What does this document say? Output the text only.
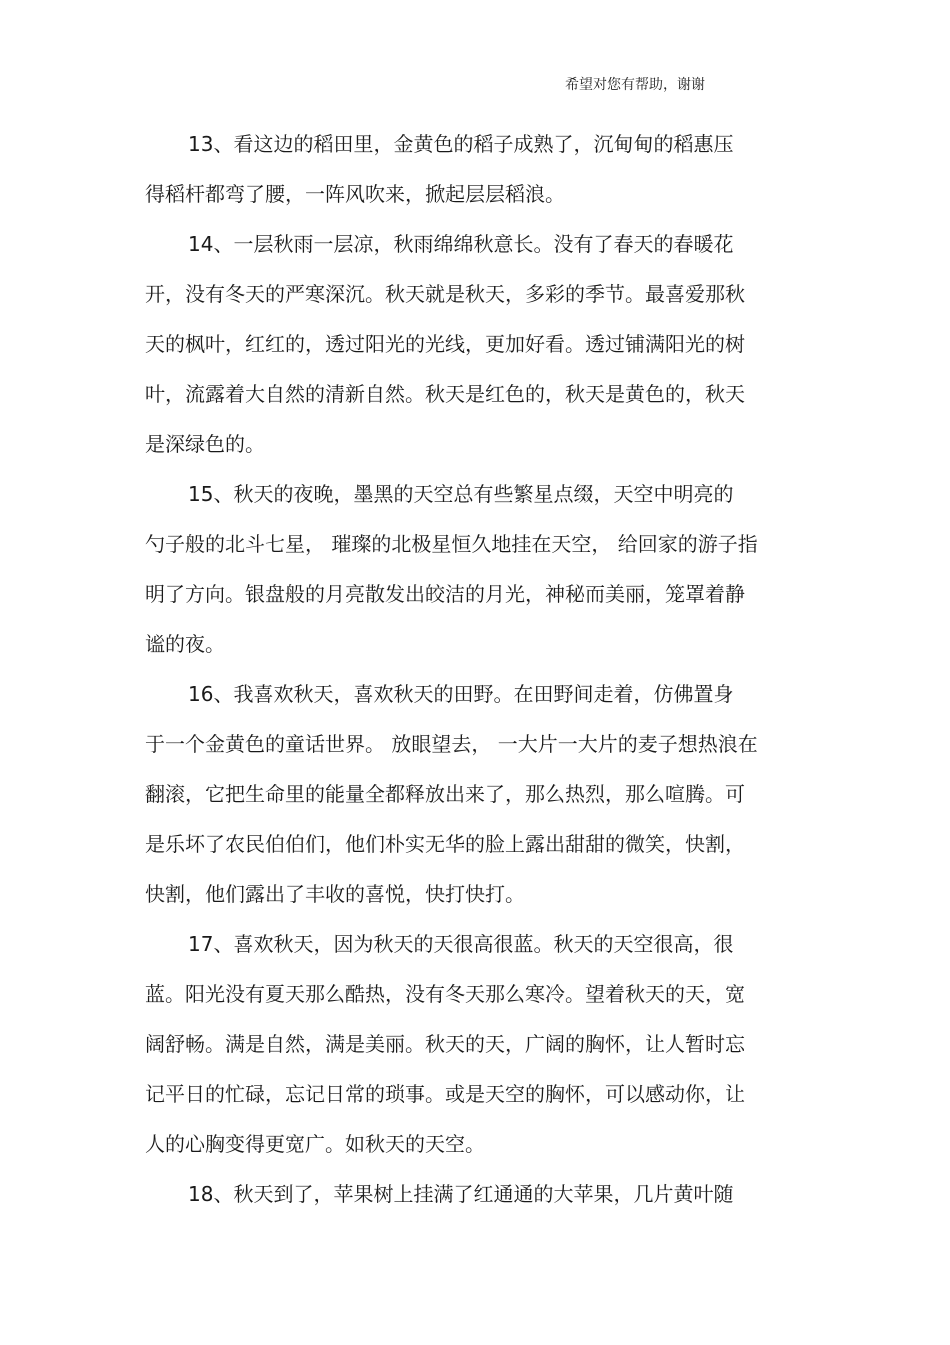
希望对您有帮助，谢谢
13、看这边的稻田里，金黄色的稻子成熟了，沉甸甸的稻惠压
得稻杆都弯了腰，一阵风吹来，掀起层层稻浪。
14、一层秋雨一层凉，秋雨绵绵秋意长。没有了春天的春暖花
开，没有冬天的严寒深沉。秋天就是秋天，多彩的季节。最喜爱那秋
天的枫叶，红红的，透过阳光的光线，更加好看。透过铺满阳光的树
叶，流露着大自然的清新自然。秋天是红色的，秋天是黄色的，秋天
是深绿色的。
15、秋天的夜晚，墨黑的天空总有些繁星点缀，天空中明亮的
勺子般的北斗七星， 璀璨的北极星恒久地挂在天空， 给回家的游子指
明了方向。银盘般的月亮散发出皎洁的月光，神秘而美丽，笼罩着静
谧的夜。
16、我喜欢秋天，喜欢秋天的田野。在田野间走着，仿佛置身
于一个金黄色的童话世界。 放眼望去， 一大片一大片的麦子想热浪在
翻滚，它把生命里的能量全都释放出来了，那么热烈，那么喧腾。可
是乐坏了农民伯伯们，他们朴实无华的脸上露出甜甜的微笑，快割，
快割，他们露出了丰收的喜悦，快打快打。
17、喜欢秋天，因为秋天的天很高很蓝。秋天的天空很高，很
蓝。阳光没有夏天那么酷热，没有冬天那么寒冷。望着秋天的天，宽
阔舒畅。满是自然，满是美丽。秋天的天，广阔的胸怀，让人暂时忘
记平日的忙碌，忘记日常的琐事。或是天空的胸怀，可以感动你，让
人的心胸变得更宽广。如秋天的天空。
18、秋天到了，苹果树上挂满了红通通的大苹果，几片黄叶随
